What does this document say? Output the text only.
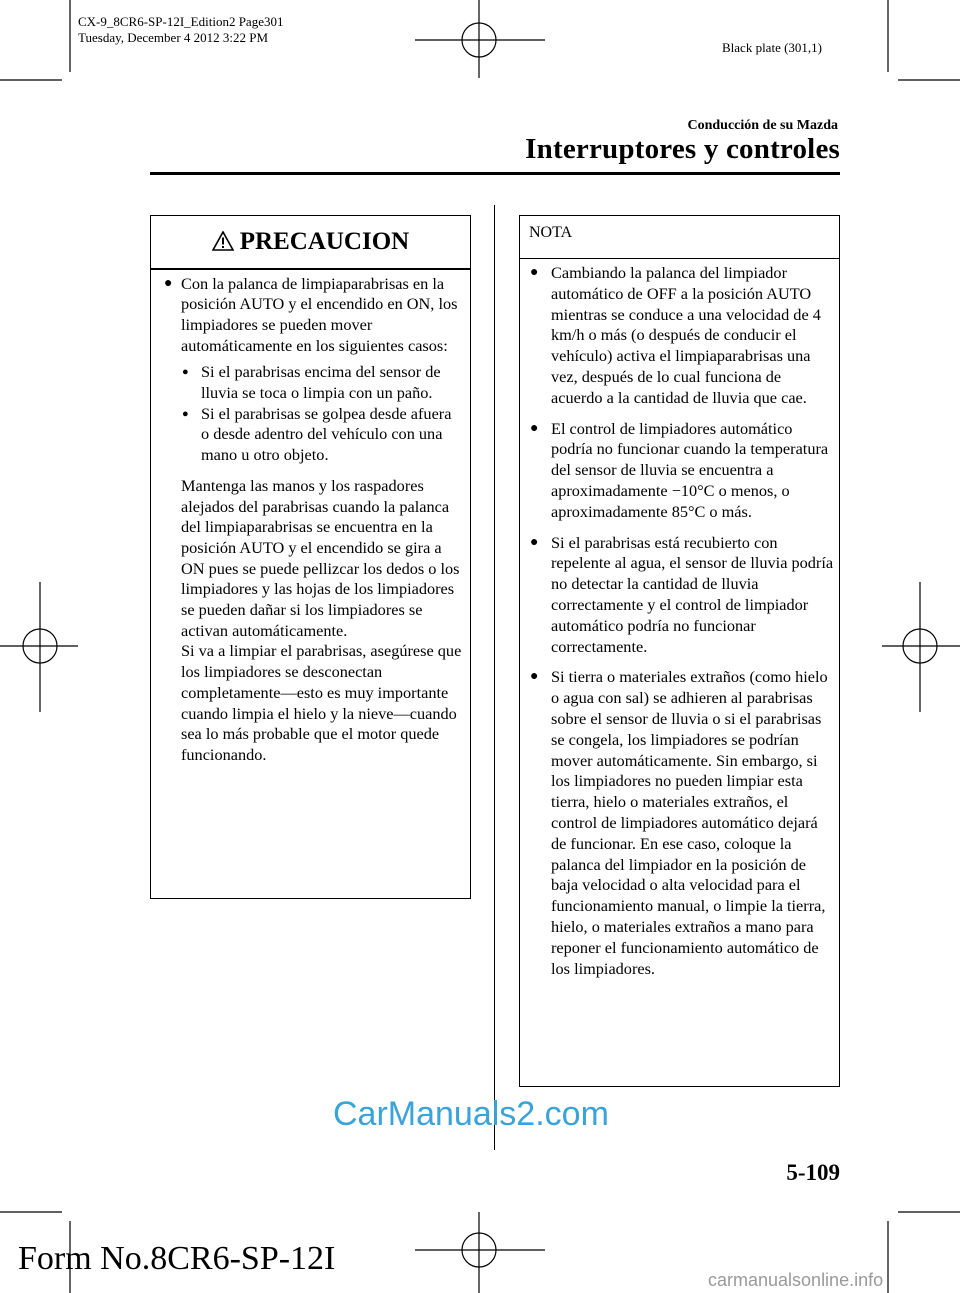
CX-9_8CR6-SP-12I_Edition2 Page301
Tuesday, December 4 2012 3:22 PM
Black plate (301,1)
Conducción de su Mazda
Interruptores y controles
PRECAUCION
● Con la palanca de limpiaparabrisas en la posición AUTO y el encendido en ON, los limpiadores se pueden mover automáticamente en los siguientes casos:
● Si el parabrisas encima del sensor de lluvia se toca o limpia con un paño.
● Si el parabrisas se golpea desde afuera o desde adentro del vehículo con una mano u otro objeto.
Mantenga las manos y los raspadores alejados del parabrisas cuando la palanca del limpiaparabrisas se encuentra en la posición AUTO y el encendido se gira a ON pues se puede pellizcar los dedos o los limpiadores y las hojas de los limpiadores se pueden dañar si los limpiadores se activan automáticamente.
Si va a limpiar el parabrisas, asegúrese que los limpiadores se desconectan completamente―esto es muy importante cuando limpia el hielo y la nieve―cuando sea lo más probable que el motor quede funcionando.
NOTA
● Cambiando la palanca del limpiador automático de OFF a la posición AUTO mientras se conduce a una velocidad de 4 km/h o más (o después de conducir el vehículo) activa el limpiaparabrisas una vez, después de lo cual funciona de acuerdo a la cantidad de lluvia que cae.
● El control de limpiadores automático podría no funcionar cuando la temperatura del sensor de lluvia se encuentra a aproximadamente −10°C o menos, o aproximadamente 85°C o más.
● Si el parabrisas está recubierto con repelente al agua, el sensor de lluvia podría no detectar la cantidad de lluvia correctamente y el control de limpiador automático podría no funcionar correctamente.
● Si tierra o materiales extraños (como hielo o agua con sal) se adhieren al parabrisas sobre el sensor de lluvia o si el parabrisas se congela, los limpiadores se podrían mover automáticamente. Sin embargo, si los limpiadores no pueden limpiar esta tierra, hielo o materiales extraños, el control de limpiadores automático dejará de funcionar. En ese caso, coloque la palanca del limpiador en la posición de baja velocidad o alta velocidad para el funcionamiento manual, o limpie la tierra, hielo, o materiales extraños a mano para reponer el funcionamiento automático de los limpiadores.
CarManuals2.com
5-109
Form No.8CR6-SP-12I
carmanualsonline.info
